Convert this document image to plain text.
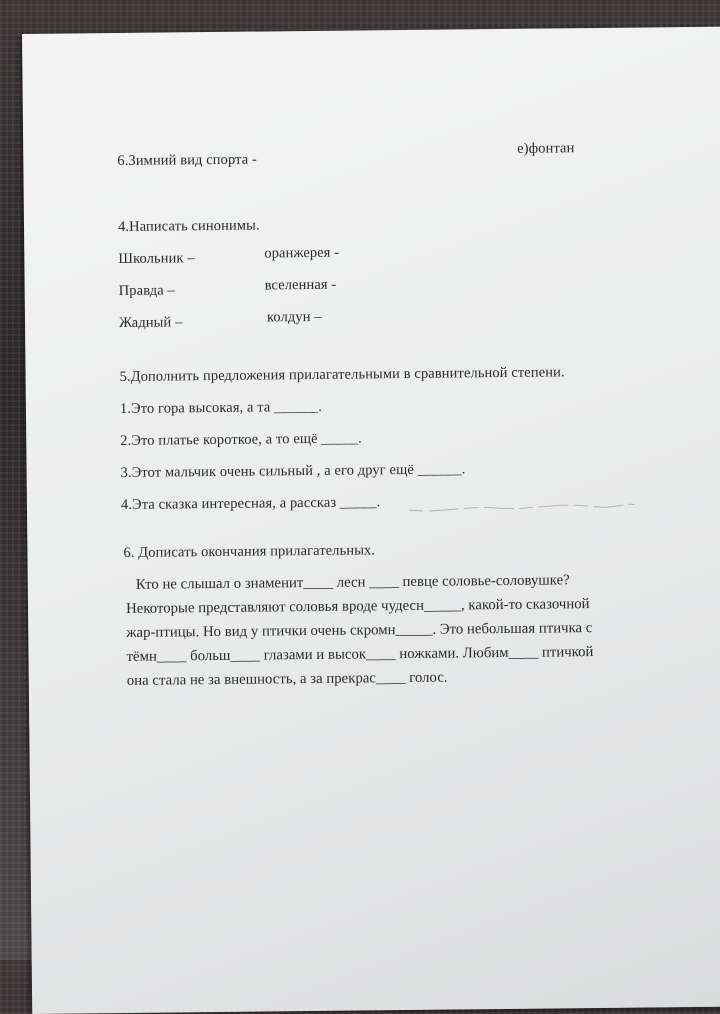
6.Зимний вид спорта -
е)фонтан
4.Написать синонимы.
Школьник –
Правда –
Жадный –
оранжерея -
вселенная -
колдун –
5.Дополнить предложения прилагательными в сравнительной степени.
1.Это гора высокая, а та ______.
2.Это платье короткое, а то ещё _____.
3.Этот мальчик очень сильный , а его друг ещё ______.
4.Эта сказка интересная, а рассказ _____.
6. Дописать окончания прилагательных.
Кто не слышал о знаменит____ лесн ____ певце соловье-соловушке?
Некоторые представляют соловья вроде чудесн_____, какой-то сказочной
жар-птицы. Но вид у птички очень скромн_____. Это небольшая птичка с
тёмн____ больш____ глазами и высок____ ножками. Любим____ птичкой
она стала не за внешность, а за прекрас____ голос.
